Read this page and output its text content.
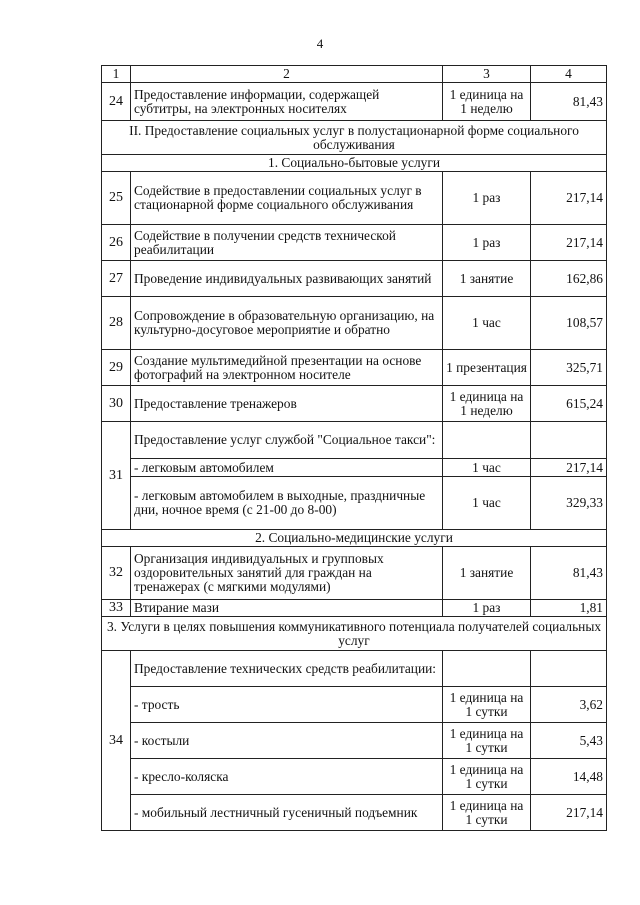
4
1	2	3	4
24	Предоставление информации, содержащей субтитры, на электронных носителях	1 единица на 1 неделю	81,43
II. Предоставление социальных услуг в полустационарной форме социального обслуживания			
1. Социально-бытовые услуги			
25	Содействие в предоставлении социальных услуг в стационарной форме социального обслуживания	1 раз	217,14
26	Содействие в получении средств технической реабилитации	1 раз	217,14
27	Проведение индивидуальных развивающих занятий	1 занятие	162,86
28	Сопровождение в образовательную организацию, на культурно-досуговое мероприятие и обратно	1 час	108,57
29	Создание мультимедийной презентации на основе фотографий на электронном носителе	1 презентация	325,71
30	Предоставление тренажеров	1 единица на 1 неделю	615,24
31	Предоставление услуг службой "Социальное такси":		
	- легковым автомобилем	1 час	217,14
	- легковым автомобилем в выходные, праздничные дни, ночное время (с 21-00 до 8-00)	1 час	329,33
2. Социально-медицинские услуги			
32	Организация индивидуальных и групповых оздоровительных занятий для граждан на тренажерах (с мягкими модулями)	1 занятие	81,43
33	Втирание мази	1 раз	1,81
3. Услуги в целях повышения коммуникативного потенциала получателей социальных услуг			
34	Предоставление технических средств реабилитации:		
	- трость	1 единица на 1 сутки	3,62
	- костыли	1 единица на 1 сутки	5,43
	- кресло-коляска	1 единица на 1 сутки	14,48
	- мобильный лестничный гусеничный подъемник	1 единица на 1 сутки	217,14
